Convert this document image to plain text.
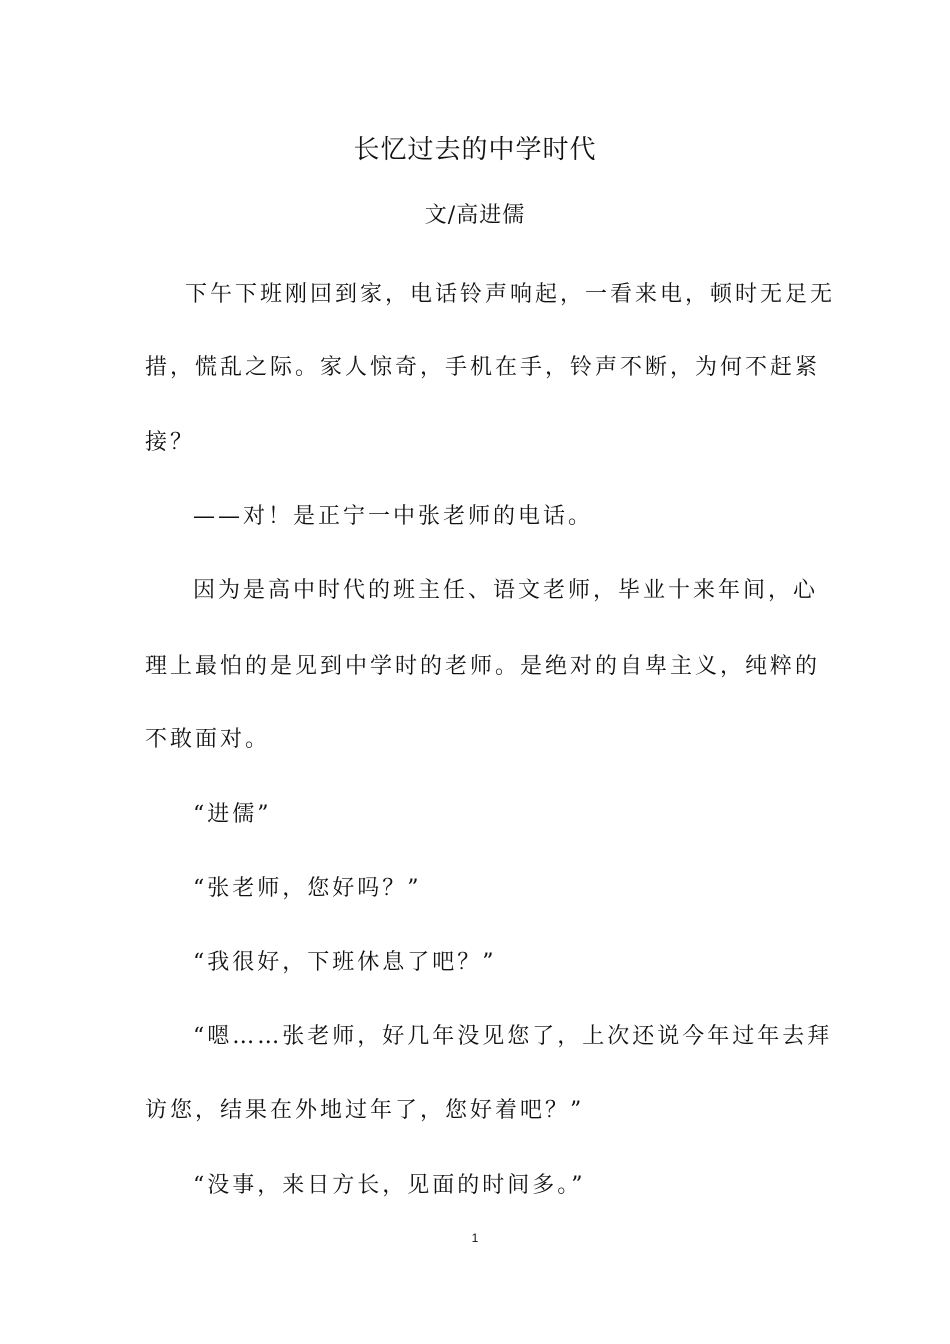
长忆过去的中学时代
文/高进儒
下午下班刚回到家，电话铃声响起，一看来电，顿时无足无
措，慌乱之际。家人惊奇，手机在手，铃声不断，为何不赶紧
接？
——对！是正宁一中张老师的电话。
因为是高中时代的班主任、语文老师，毕业十来年间，心
理上最怕的是见到中学时的老师。是绝对的自卑主义，纯粹的
不敢面对。
“进儒”
“张老师，您好吗？”
“我很好，下班休息了吧？”
“嗯……张老师，好几年没见您了，上次还说今年过年去拜
访您，结果在外地过年了，您好着吧？”
“没事，来日方长，见面的时间多。”
1
